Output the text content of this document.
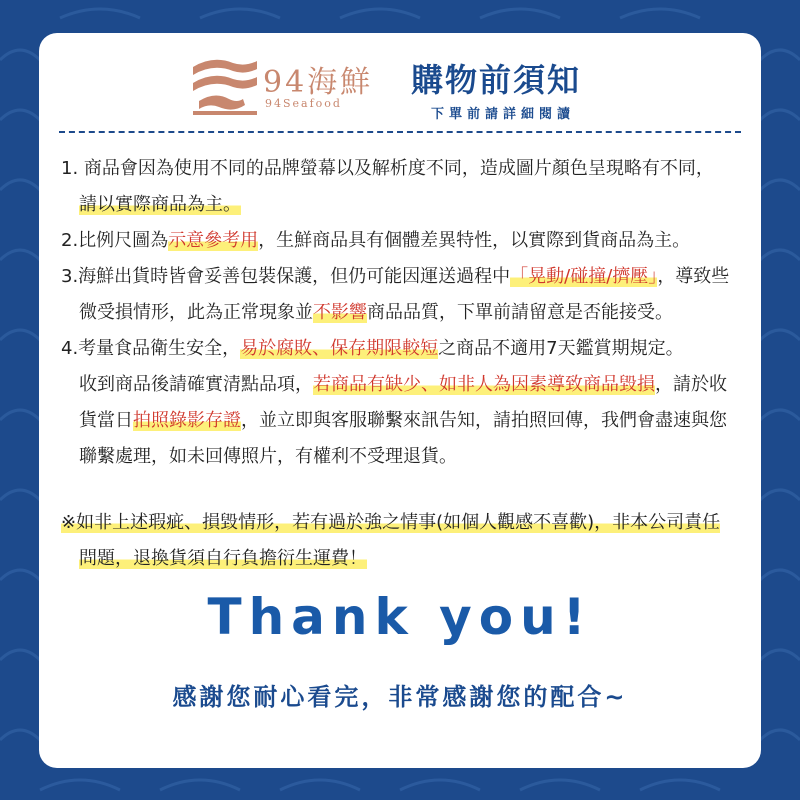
94海鮮
94Seafood
購物前須知
下單前請詳細閱讀
1. 商品會因為使用不同的品牌螢幕以及解析度不同，造成圖片顏色呈現略有不同，
請以實際商品為主。
2.比例尺圖為示意參考用，生鮮商品具有個體差異特性，以實際到貨商品為主。
3.海鮮出貨時皆會妥善包裝保護，但仍可能因運送過程中「晃動/碰撞/擠壓」，導致些
微受損情形，此為正常現象並不影響商品品質，下單前請留意是否能接受。
4.考量食品衛生安全，易於腐敗、保存期限較短之商品不適用7天鑑賞期規定。
收到商品後請確實清點品項，若商品有缺少、如非人為因素導致商品毀損，請於收
貨當日拍照錄影存證，並立即與客服聯繫來訊告知，請拍照回傳，我們會盡速與您
聯繫處理，如未回傳照片，有權利不受理退貨。
※如非上述瑕疵、損毀情形，若有過於強之情事(如個人觀感不喜歡)，非本公司責任
問題，退換貨須自行負擔衍生運費！
Thank you!
感謝您耐心看完，非常感謝您的配合~
